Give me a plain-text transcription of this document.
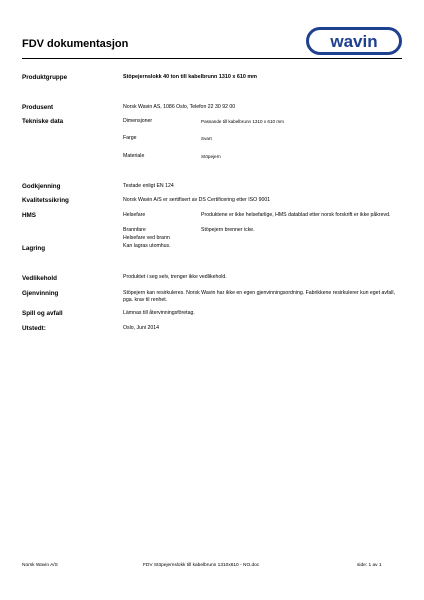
FDV dokumentasjon	wavin
Produktgruppe	Stöpejernslokk 40 ton till kabelbrunn 1310 x 610 mm
Produsent	Norsk Wavin AS, 1086 Oslo, Telefon 22 30 92 00
Tekniske data	Dimensjoner	Passande till kabelbrunn 1310 x 610 mm
Farge	Svart
Materiale	Stöpejern
Godkjenning	Testade enligt EN 124
Kvalitetssikring	Norsk Wavin A/S er sertifisert av DS Certificering etter ISO 9001
HMS	Helsefare	Produktene er ikke helsefarlige, HMS datablad etter norsk forskrift er ikke påkrevd.
Brannfare	Stöpejern brenner icke.
Helsefare ved brann
Lagring	Kan lagras utomhus.
Vedlikehold	Produktet i seg selv, trenger ikke vedlikehold.
Gjenvinning	Stöpejern kan resirkuleres. Norsk Wavin har ikke en egen gjenvinningsordning. Fabrikkene resirkulerer kun eget avfall, pga. krav til renhet.
Spill og avfall	Lämnas till återvinningsföretag.
Utstedt:	Oslo, Juni 2014
Norsk Wavin A/S	FDV Stöpejernslokk till kabelbrunn 1310x610 - NO.doc	side: 1 av 1
